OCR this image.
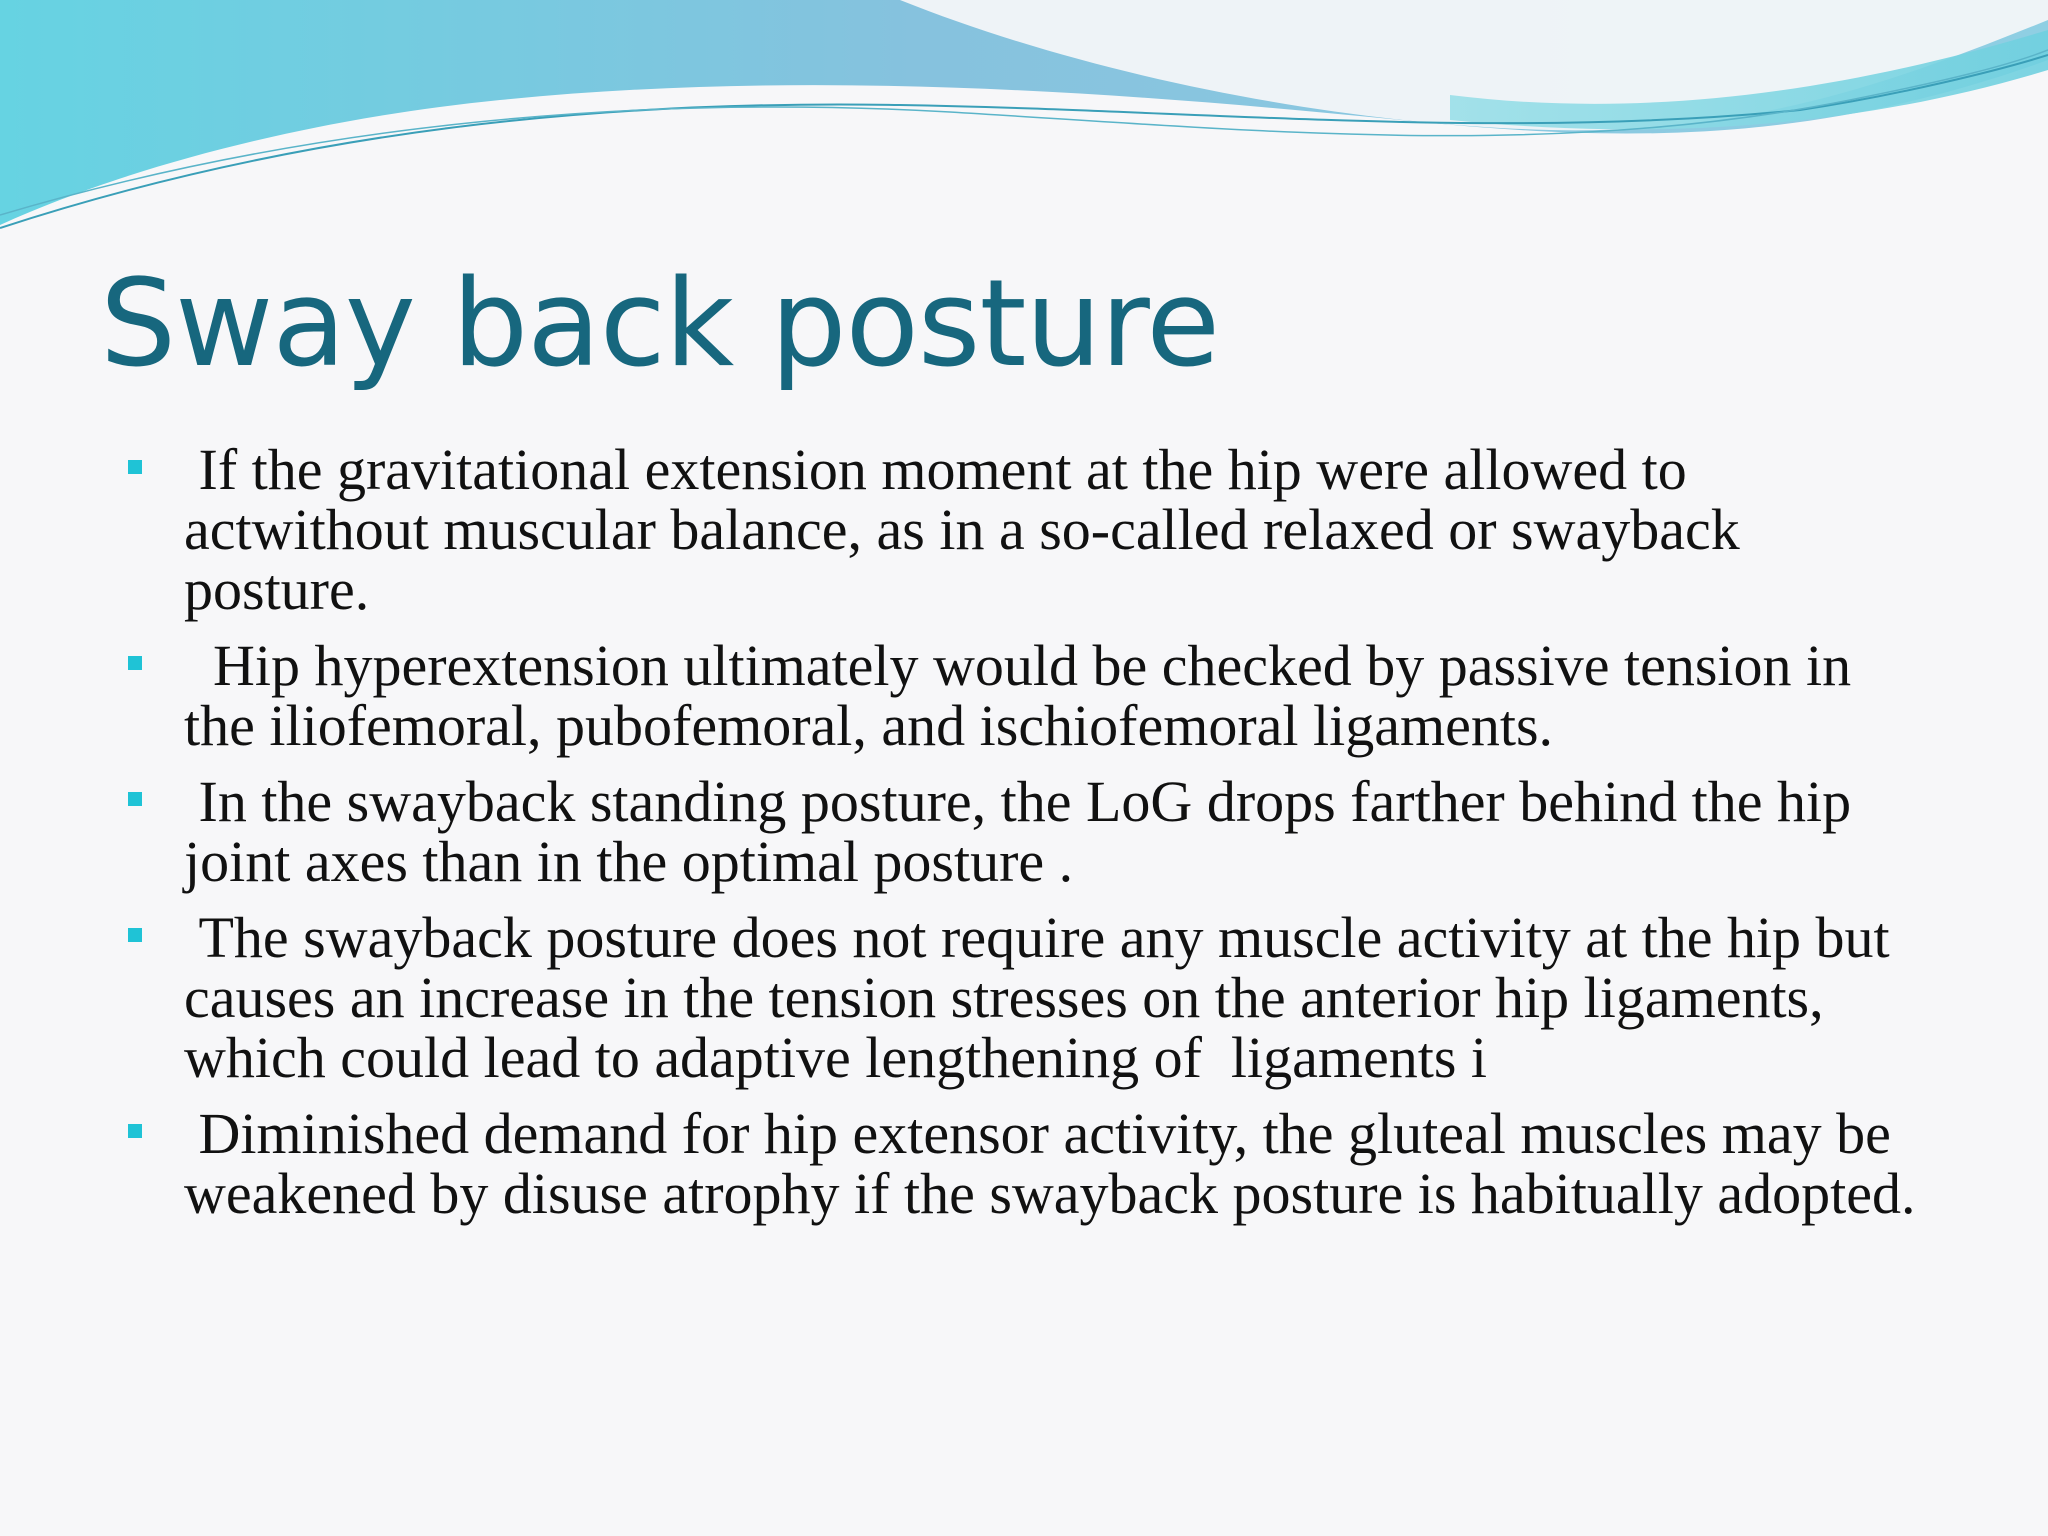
Sway back posture
If the gravitational extension moment at the hip were allowed to actwithout muscular balance, as in a so-called relaxed or swayback posture.
Hip hyperextension ultimately would be checked by passive tension in the iliofemoral, pubofemoral, and ischiofemoral ligaments.
In the swayback standing posture, the LoG drops farther behind the hip joint axes than in the optimal posture .
The swayback posture does not require any muscle activity at the hip but causes an increase in the tension stresses on the anterior hip ligaments, which could lead to adaptive lengthening of  ligaments i
Diminished demand for hip extensor activity, the gluteal muscles may be weakened by disuse atrophy if the swayback posture is habitually adopted.
